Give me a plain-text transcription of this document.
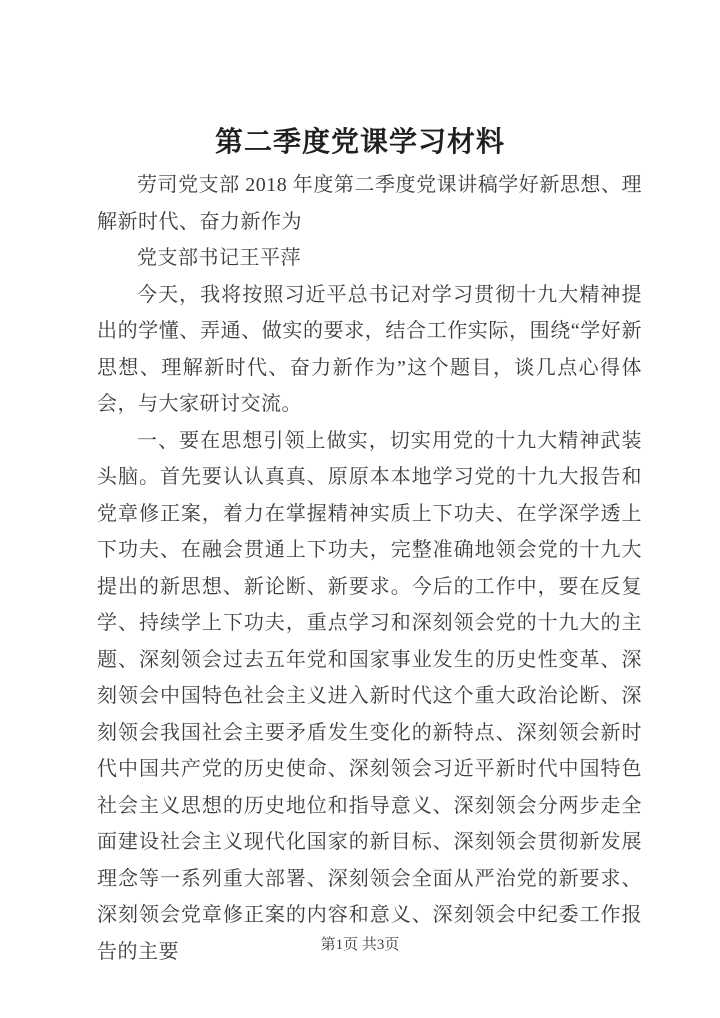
第二季度党课学习材料

劳司党支部 2018 年度第二季度党课讲稿学好新思想、理解新时代、奋力新作为

党支部书记王平萍

今天，我将按照习近平总书记对学习贯彻十九大精神提出的学懂、弄通、做实的要求，结合工作实际，围绕“学好新思想、理解新时代、奋力新作为”这个题目，谈几点心得体会，与大家研讨交流。

一、要在思想引领上做实，切实用党的十九大精神武装头脑。首先要认认真真、原原本本地学习党的十九大报告和党章修正案，着力在掌握精神实质上下功夫、在学深学透上下功夫、在融会贯通上下功夫，完整准确地领会党的十九大提出的新思想、新论断、新要求。今后的工作中，要在反复学、持续学上下功夫，重点学习和深刻领会党的十九大的主题、深刻领会过去五年党和国家事业发生的历史性变革、深刻领会中国特色社会主义进入新时代这个重大政治论断、深刻领会我国社会主要矛盾发生变化的新特点、深刻领会新时代中国共产党的历史使命、深刻领会习近平新时代中国特色社会主义思想的历史地位和指导意义、深刻领会分两步走全面建设社会主义现代化国家的新目标、深刻领会贯彻新发展理念等一系列重大部署、深刻领会全面从严治党的新要求、深刻领会党章修正案的内容和意义、深刻领会中纪委工作报告的主要	第1页 共3页
